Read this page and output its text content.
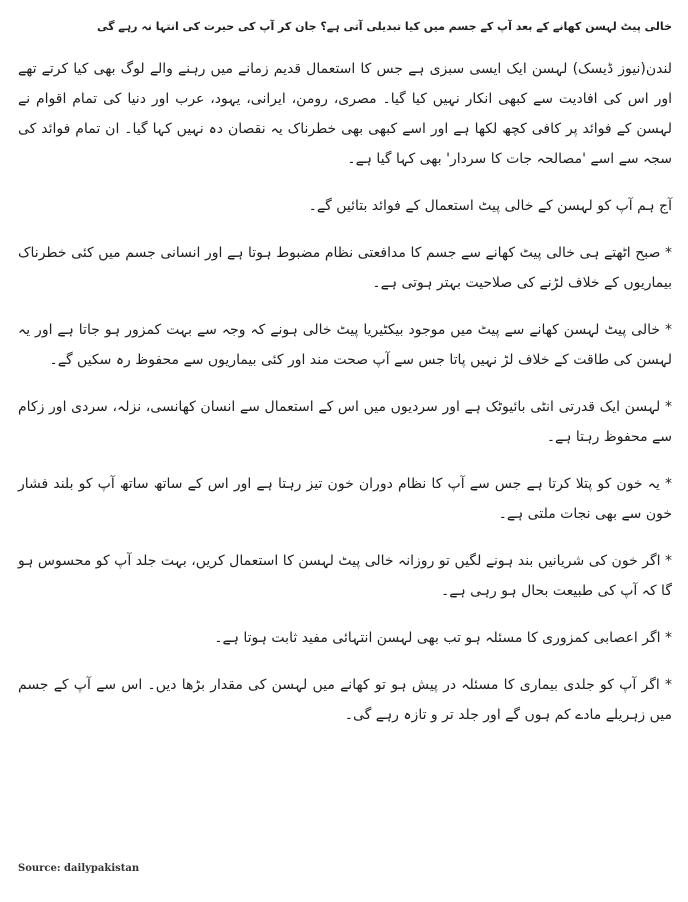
خالی پیٹ لہسن کھانے کے بعد آپ کے جسم میں کیا تبدیلی آتی ہے؟ جان کر آپ کی حیرت کی انتہا نہ رہے گی

لندن(نیوز ڈیسک) لہسن ایک ایسی سبزی ہے جس کا استعمال قدیم زمانے میں رہنے والے لوگ بھی کیا کرتے تھے اور اس کی افادیت سے کبھی انکار نہیں کیا گیا۔ مصری، رومن، ایرانی، یہود، عرب اور دنیا کی تمام اقوام نے لہسن کے فوائد پر کافی کچھ لکھا ہے اور اسے کبھی بھی خطرناک یہ نقصان دہ نہیں کہا گیا۔ ان تمام فوائد کی سجہ سے اسے 'مصالحہ جات کا سردار' بھی کہا گیا ہے۔

آج ہم آپ کو لہسن کے خالی پیٹ استعمال کے فوائد بتائیں گے۔

* صبح اٹھتے ہی خالی پیٹ کھانے سے جسم کا مدافعتی نظام مضبوط ہوتا ہے اور انسانی جسم میں کئی خطرناک بیماریوں کے خلاف لڑنے کی صلاحیت بہتر ہوتی ہے۔

* خالی پیٹ لہسن کھانے سے پیٹ میں موجود بیکٹیریا پیٹ خالی ہونے کہ وجہ سے بہت کمزور ہو جاتا ہے اور یہ لہسن کی طاقت کے خلاف لڑ نہیں پاتا جس سے آپ صحت مند اور کئی بیماریوں سے محفوظ رہ سکیں گے۔

* لہسن ایک قدرتی انٹی بائیوٹک ہے اور سردیوں میں اس کے استعمال سے انسان کھانسی، نزلہ، سردی اور زکام سے محفوظ رہتا ہے۔

* یہ خون کو پتلا کرتا ہے جس سے آپ کا نظام دوران خون تیز رہتا ہے اور اس کے ساتھ ساتھ آپ کو بلند فشار خون سے بھی نجات ملتی ہے۔

* اگر خون کی شریانیں بند ہونے لگیں تو روزانہ خالی پیٹ لہسن کا استعمال کریں، بہت جلد آپ کو محسوس ہو گا کہ آپ کی طبیعت بحال ہو رہی ہے۔

* اگر اعصابی کمزوری کا مسئلہ ہو تب بھی لہسن انتہائی مفید ثابت ہوتا ہے۔

* اگر آپ کو جلدی بیماری کا مسئلہ در پیش ہو تو کھانے میں لہسن کی مقدار بڑھا دیں۔ اس سے آپ کے جسم میں زہریلے مادے کم ہوں گے اور جلد تر و تازہ رہے گی۔

Source: dailypakistan
